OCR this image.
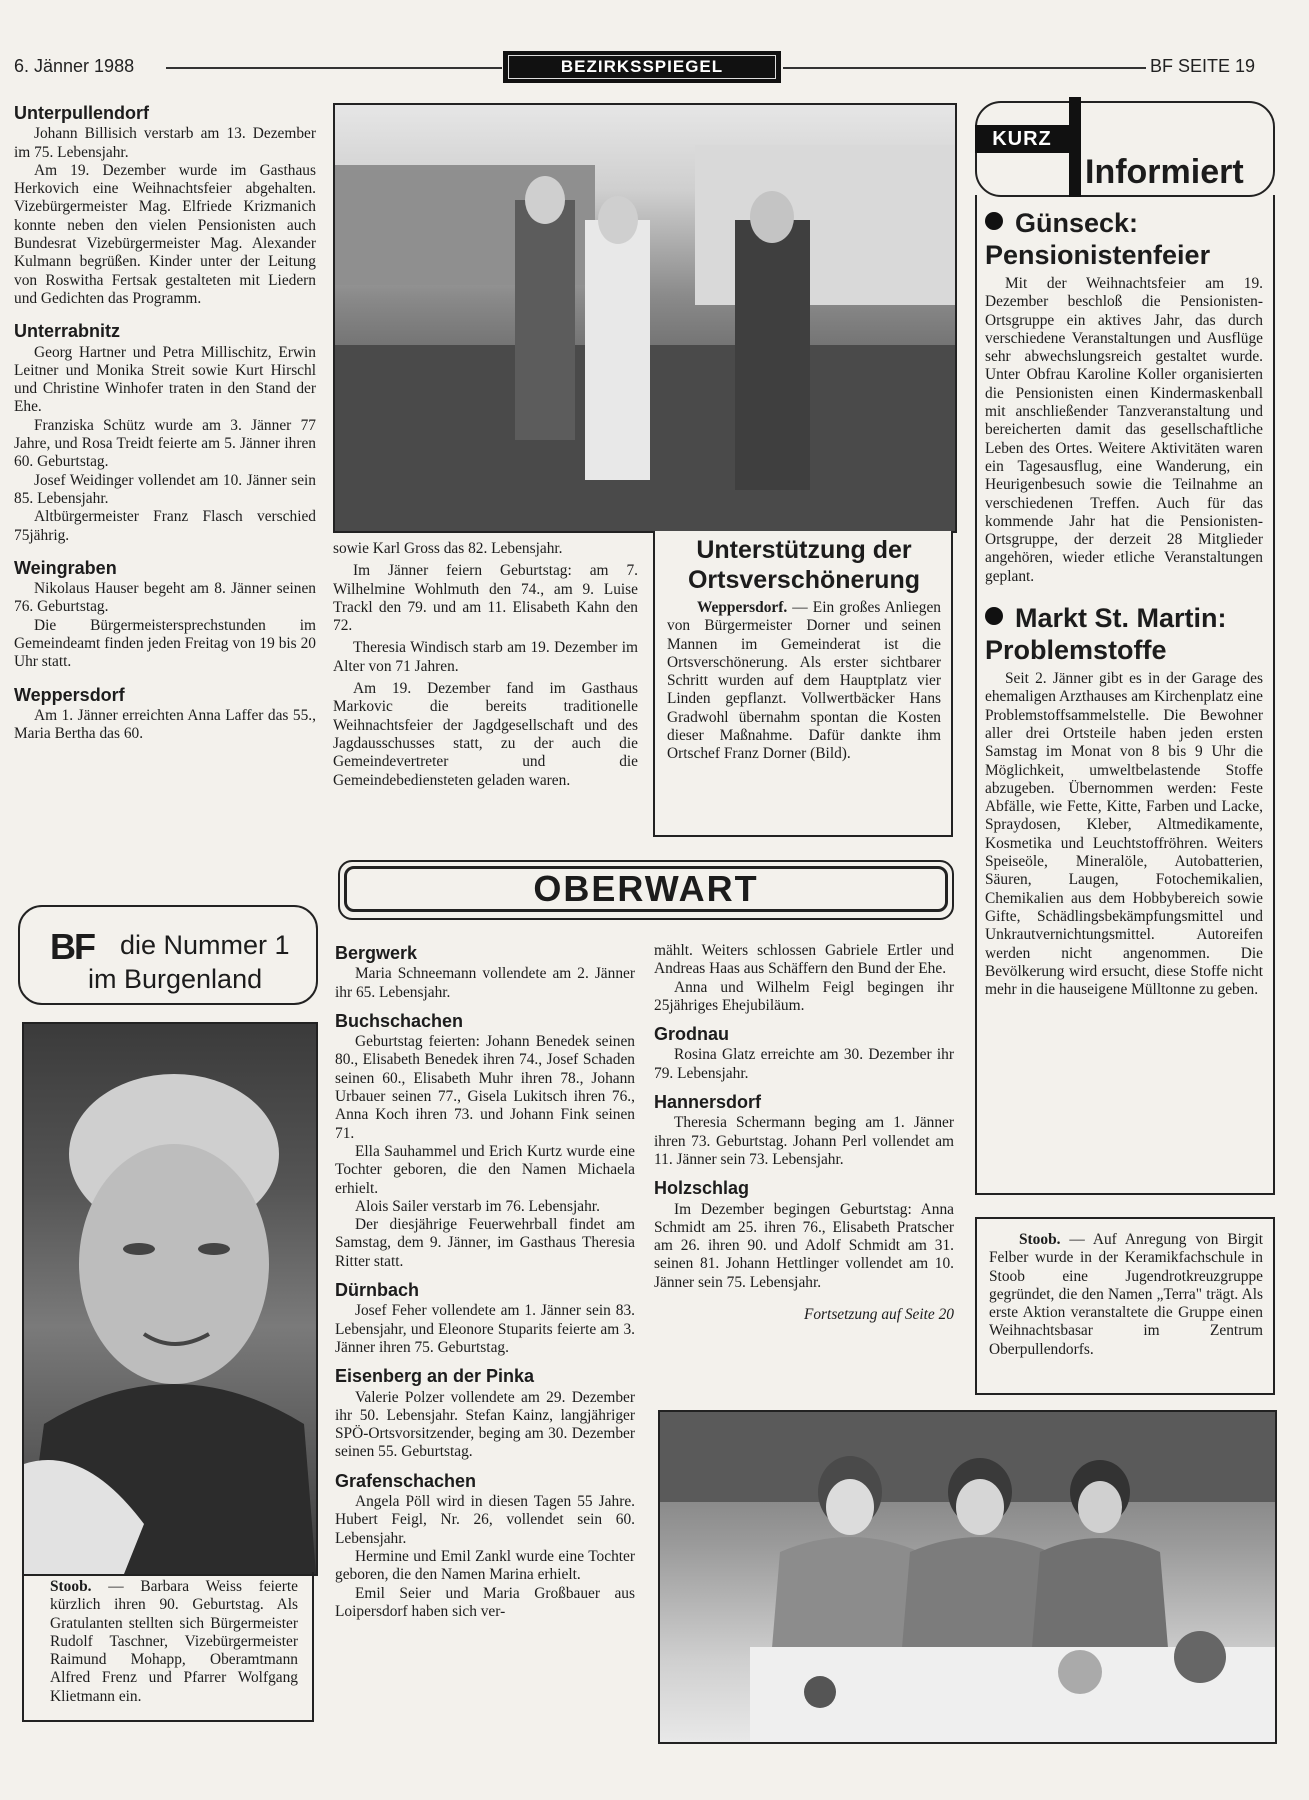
6. Jänner 1988	BEZIRKSSPIEGEL	BF SEITE 19
Unterpullendorf

Johann Billisich verstarb am 13. Dezember im 75. Lebensjahr.

Am 19. Dezember wurde im Gasthaus Herkovich eine Weihnachtsfeier abgehalten. Vizebürgermeister Mag. Elfriede Krizmanich konnte neben den vielen Pensionisten auch Bundesrat Vizebürgermeister Mag. Alexander Kulmann begrüßen. Kinder unter der Leitung von Roswitha Fertsak gestalteten mit Liedern und Gedichten das Programm.

Unterrabnitz

Georg Hartner und Petra Millischitz, Erwin Leitner und Monika Streit sowie Kurt Hirschl und Christine Winhofer traten in den Stand der Ehe.

Franziska Schütz wurde am 3. Jänner 77 Jahre, und Rosa Treidt feierte am 5. Jänner ihren 60. Geburtstag.

Josef Weidinger vollendet am 10. Jänner sein 85. Lebensjahr.

Altbürgermeister Franz Flasch verschied 75jährig.

Weingraben

Nikolaus Hauser begeht am 8. Jänner seinen 76. Geburtstag.

Die Bürgermeistersprechstunden im Gemeindeamt finden jeden Freitag von 19 bis 20 Uhr statt.

Weppersdorf

Am 1. Jänner erreichten Anna Laffer das 55., Maria Bertha das 60.

BF die Nummer 1
im Burgenland
Stoob. — Barbara Weiss feierte kürzlich ihren 90. Geburtstag. Als Gratulanten stellten sich Bürgermeister Rudolf Taschner, Vizebürgermeister Raimund Mohapp, Oberamtmann Alfred Frenz und Pfarrer Wolfgang Klietmann ein.

sowie Karl Gross das 82. Lebensjahr.

Im Jänner feiern Geburtstag: am 7. Wilhelmine Wohlmuth den 74., am 9. Luise Trackl den 79. und am 11. Elisabeth Kahn den 72.

Theresia Windisch starb am 19. Dezember im Alter von 71 Jahren.

Am 19. Dezember fand im Gasthaus Markovic die bereits traditionelle Weihnachtsfeier der Jagdgesellschaft und des Jagdausschusses statt, zu der auch die Gemeindevertreter und die Gemeindebediensteten geladen waren.

Unterstützung der
Ortsverschönerung
Weppersdorf. — Ein großes Anliegen von Bürgermeister Dorner und seinen Mannen im Gemeinderat ist die Ortsverschönerung. Als erster sichtbarer Schritt wurden auf dem Hauptplatz vier Linden gepflanzt. Vollwertbäcker Hans Gradwohl übernahm spontan die Kosten dieser Maßnahme. Dafür dankte ihm Ortschef Franz Dorner (Bild).
OBERWART
Bergwerk

Maria Schneemann vollendete am 2. Jänner ihr 65. Lebensjahr.

Buchschachen

Geburtstag feierten: Johann Benedek seinen 80., Elisabeth Benedek ihren 74., Josef Schaden seinen 60., Elisabeth Muhr ihren 78., Johann Urbauer seinen 77., Gisela Lukitsch ihren 76., Anna Koch ihren 73. und Johann Fink seinen 71.

Ella Sauhammel und Erich Kurtz wurde eine Tochter geboren, die den Namen Michaela erhielt.

Alois Sailer verstarb im 76. Lebensjahr.

Der diesjährige Feuerwehrball findet am Samstag, dem 9. Jänner, im Gasthaus Theresia Ritter statt.

Dürnbach

Josef Feher vollendete am 1. Jänner sein 83. Lebensjahr, und Eleonore Stuparits feierte am 3. Jänner ihren 75. Geburtstag.

Eisenberg an der Pinka

Valerie Polzer vollendete am 29. Dezember ihr 50. Lebensjahr. Stefan Kainz, langjähriger SPÖ-Ortsvorsitzender, beging am 30. Dezember seinen 55. Geburtstag.

Grafenschachen

Angela Pöll wird in diesen Tagen 55 Jahre. Hubert Feigl, Nr. 26, vollendet sein 60. Lebensjahr.

Hermine und Emil Zankl wurde eine Tochter geboren, die den Namen Marina erhielt.

Emil Seier und Maria Großbauer aus Loipersdorf haben sich ver-

mählt. Weiters schlossen Gabriele Ertler und Andreas Haas aus Schäffern den Bund der Ehe.

Anna und Wilhelm Feigl begingen ihr 25jähriges Ehejubiläum.

Grodnau

Rosina Glatz erreichte am 30. Dezember ihr 79. Lebensjahr.

Hannersdorf

Theresia Schermann beging am 1. Jänner ihren 73. Geburtstag. Johann Perl vollendet am 11. Jänner sein 73. Lebensjahr.

Holzschlag

Im Dezember begingen Geburtstag: Anna Schmidt am 25. ihren 76., Elisabeth Pratscher am 26. ihren 90. und Adolf Schmidt am 31. seinen 81. Johann Hettlinger vollendet am 10. Jänner sein 75. Lebensjahr.

Fortsetzung auf Seite 20
KURZ
Informiert
Günseck:
Pensionistenfeier

Mit der Weihnachtsfeier am 19. Dezember beschloß die Pensionisten-Ortsgruppe ein aktives Jahr, das durch verschiedene Veranstaltungen und Ausflüge sehr abwechslungsreich gestaltet wurde. Unter Obfrau Karoline Koller organisierten die Pensionisten einen Kindermaskenball mit anschließender Tanzveranstaltung und bereicherten damit das gesellschaftliche Leben des Ortes. Weitere Aktivitäten waren ein Tagesausflug, eine Wanderung, ein Heurigenbesuch sowie die Teilnahme an verschiedenen Treffen. Auch für das kommende Jahr hat die Pensionisten-Ortsgruppe, der derzeit 28 Mitglieder angehören, wieder etliche Veranstaltungen geplant.

Markt St. Martin:
Problemstoffe

Seit 2. Jänner gibt es in der Garage des ehemaligen Arzthauses am Kirchenplatz eine Problemstoffsammelstelle. Die Bewohner aller drei Ortsteile haben jeden ersten Samstag im Monat von 8 bis 9 Uhr die Möglichkeit, umweltbelastende Stoffe abzugeben. Übernommen werden: Feste Abfälle, wie Fette, Kitte, Farben und Lacke, Spraydosen, Kleber, Altmedikamente, Kosmetika und Leuchtstoffröhren. Weiters Speiseöle, Mineralöle, Autobatterien, Säuren, Laugen, Fotochemikalien, Chemikalien aus dem Hobbybereich sowie Gifte, Schädlingsbekämpfungsmittel und Unkrautvernichtungsmittel. Autoreifen werden nicht angenommen. Die Bevölkerung wird ersucht, diese Stoffe nicht mehr in die hauseigene Mülltonne zu geben.

Stoob. — Auf Anregung von Birgit Felber wurde in der Keramikfachschule in Stoob eine Jugendrotkreuzgruppe gegründet, die den Namen „Terra" trägt. Als erste Aktion veranstaltete die Gruppe einen Weihnachtsbasar im Zentrum Oberpullendorfs.
